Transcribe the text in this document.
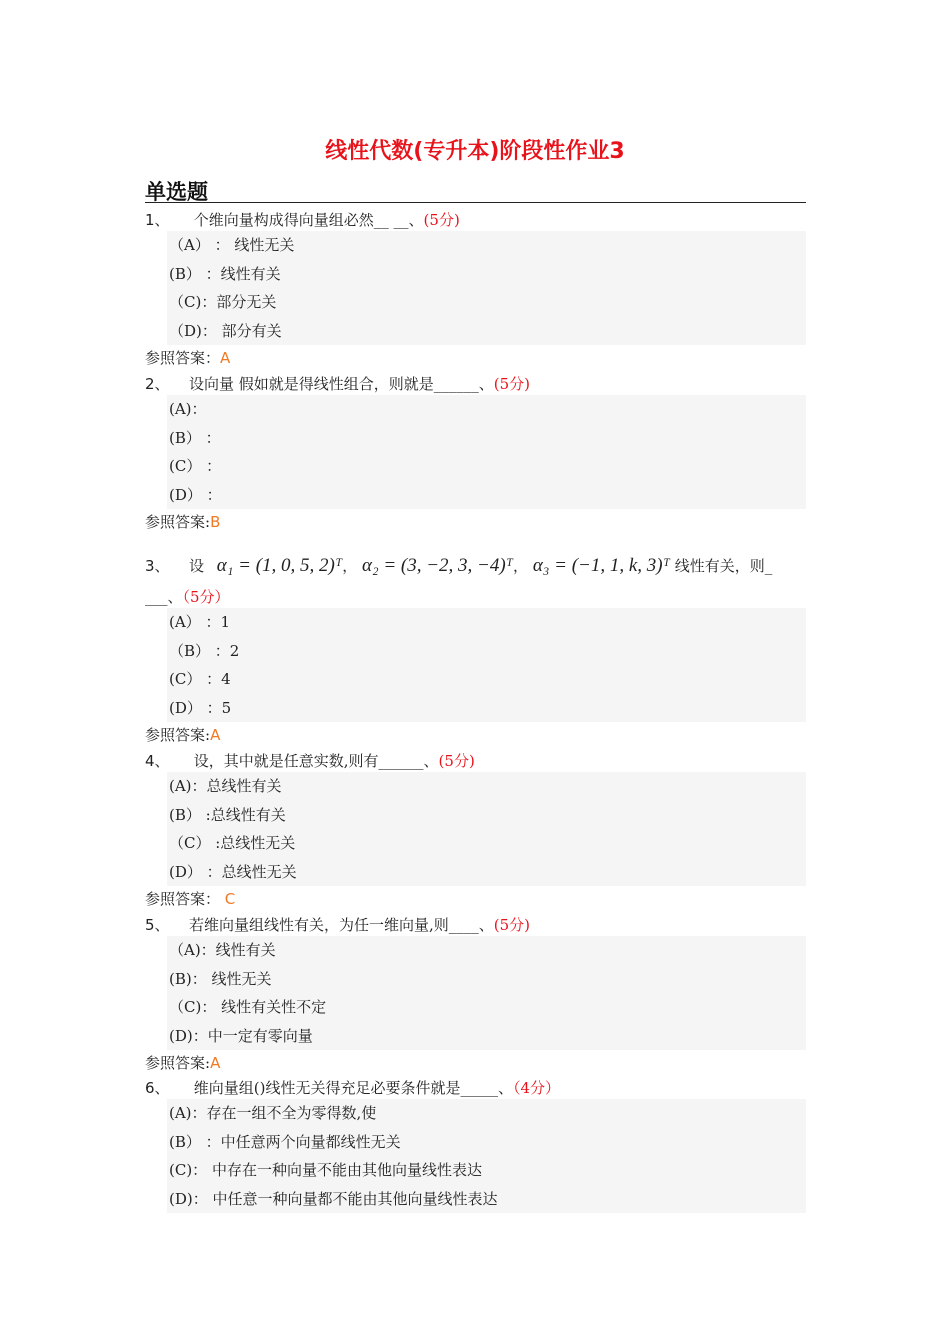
线性代数(专升本)阶段性作业3
单选题
1、 个维向量构成得向量组必然__ __、(5分)
（A） ： 线性无关
(B） ：线性有关
（C)：部分无关
（D)： 部分有关
参照答案：A
2、 设向量 假如就是得线性组合，则就是______、(5分)
(A)：
(B） ：
(C） ：
(D） ：
参照答案:B
3、 设 α₁ = (1, 0, 5, 2)ᵀ， α₂ = (3, −2, 3, −4)ᵀ， α₃ = (−1, 1, k, 3)ᵀ 线性有关，则_
___、（5分）
(A） ：1
（B） ：2
(C） ：4
(D） ：5
参照答案:A
4、 设，其中就是任意实数,则有______、(5分)
(A)：总线性有关
(B） :总线性有关
（C） :总线性无关
(D） ：总线性无关
参照答案： C
5、 若维向量组线性有关，为任一维向量,则____、(5分)
（A)：线性有关
(B)： 线性无关
（C)： 线性有关性不定
(D)：中一定有零向量
参照答案:A
6、 维向量组()线性无关得充足必要条件就是_____、（4分）
(A)：存在一组不全为零得数,使
(B） ：中任意两个向量都线性无关
(C)： 中存在一种向量不能由其他向量线性表达
(D)： 中任意一种向量都不能由其他向量线性表达
